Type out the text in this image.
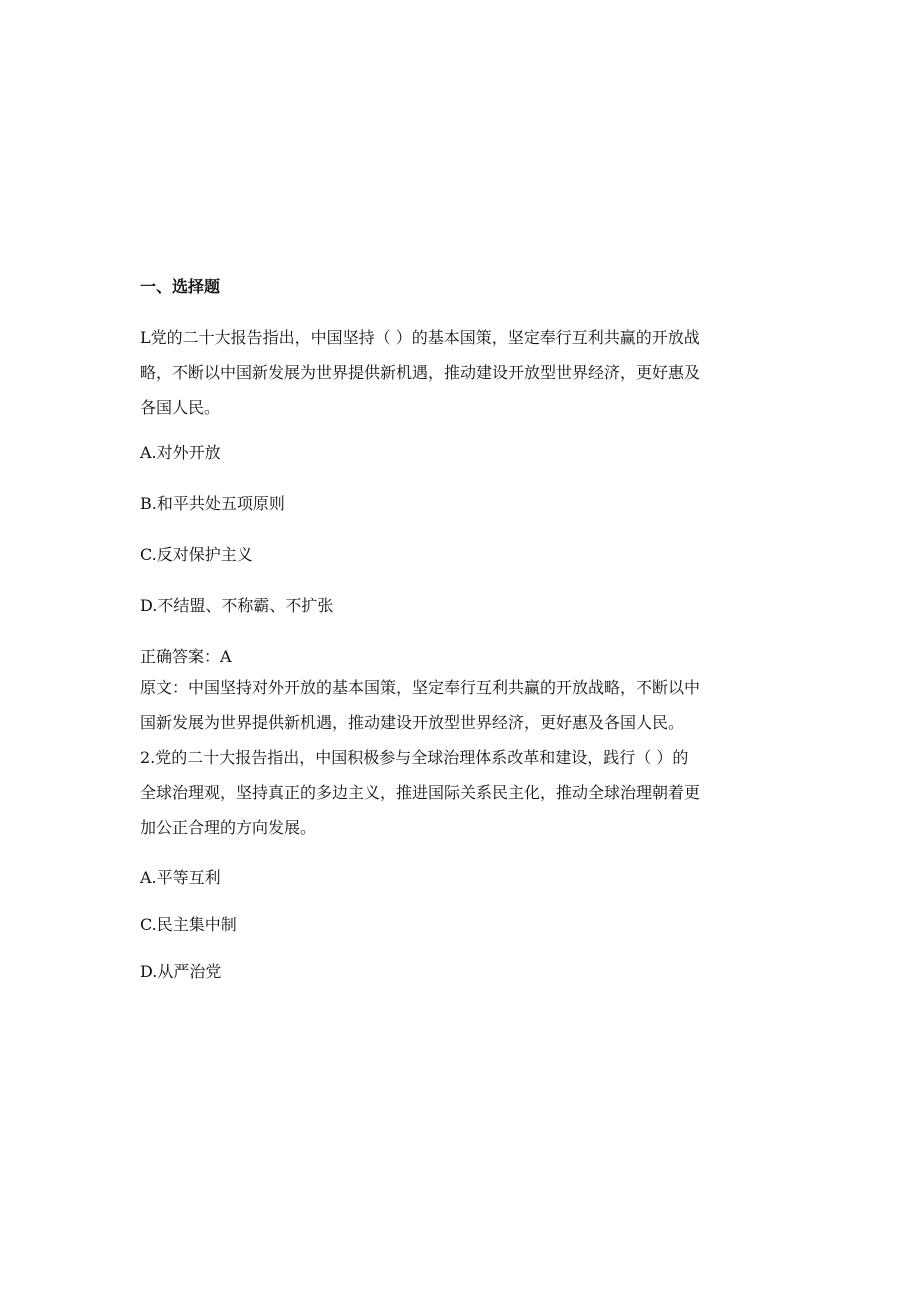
一、选择题
L党的二十大报告指出，中国坚持（ ）的基本国策，坚定奉行互利共赢的开放战略，不断以中国新发展为世界提供新机遇，推动建设开放型世界经济，更好惠及各国人民。
A.对外开放
B.和平共处五项原则
C.反对保护主义
D.不结盟、不称霸、不扩张
正确答案：A
原文：中国坚持对外开放的基本国策，坚定奉行互利共赢的开放战略，不断以中国新发展为世界提供新机遇，推动建设开放型世界经济，更好惠及各国人民。
2.党的二十大报告指出，中国积极参与全球治理体系改革和建设，践行（ ）的全球治理观，坚持真正的多边主义，推进国际关系民主化，推动全球治理朝着更加公正合理的方向发展。
A.平等互利
C.民主集中制
D.从严治党
